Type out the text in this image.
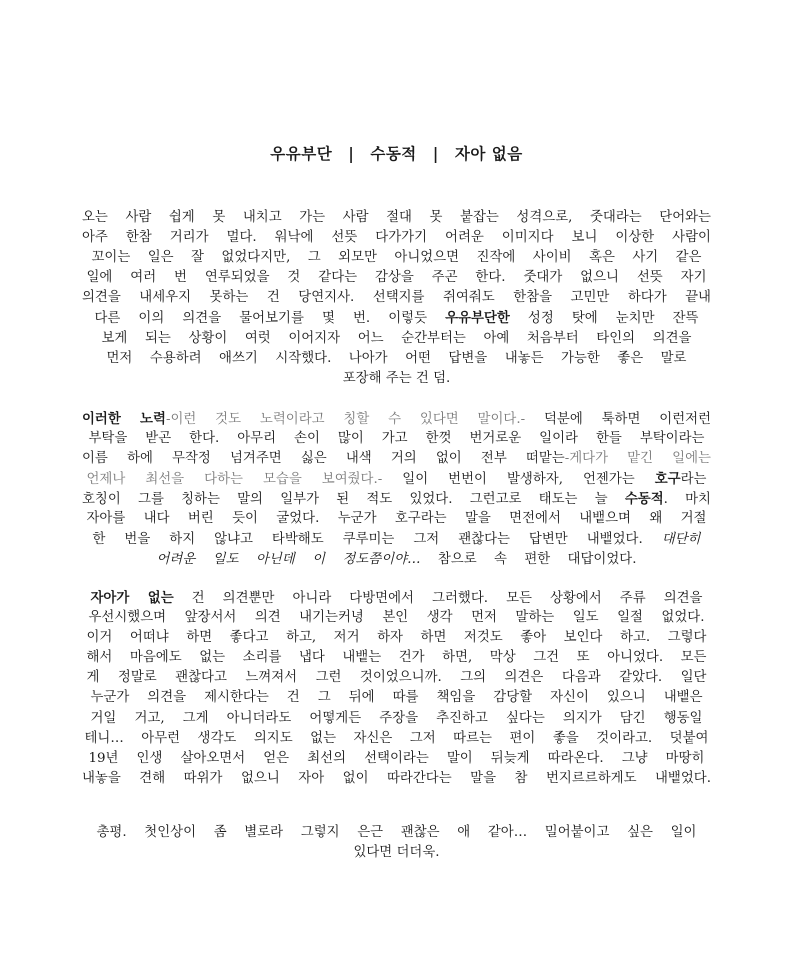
우유부단 | 수동적 | 자아 없음
오는 사람 쉽게 못 내치고 가는 사람 절대 못 붙잡는 성격으로, 줏대라는 단어와는
아주 한참 거리가 멀다. 워낙에 선뜻 다가가기 어려운 이미지다 보니 이상한 사람이
꼬이는 일은 잘 없었다지만, 그 외모만 아니었으면 진작에 사이비 혹은 사기 같은
일에 여러 번 연루되었을 것 같다는 감상을 주곤 한다. 줏대가 없으니 선뜻 자기
의견을 내세우지 못하는 건 당연지사. 선택지를 쥐여줘도 한참을 고민만 하다가 끝내
다른 이의 의견을 물어보기를 몇 번. 이렇듯 우유부단한 성정 탓에 눈치만 잔뜩
보게 되는 상황이 여럿 이어지자 어느 순간부터는 아예 처음부터 타인의 의견을
먼저 수용하려 애쓰기 시작했다. 나아가 어떤 답변을 내놓든 가능한 좋은 말로
포장해 주는 건 덤.
이러한 노력-이런 것도 노력이라고 칭할 수 있다면 말이다.- 덕분에 툭하면 이런저런
부탁을 받곤 한다. 아무리 손이 많이 가고 한껏 번거로운 일이라 한들 부탁이라는
이름 하에 무작정 넘겨주면 싫은 내색 거의 없이 전부 떠맡는-게다가 맡긴 일에는
언제나 최선을 다하는 모습을 보여줬다.- 일이 번번이 발생하자, 언젠가는 호구라는
호칭이 그를 칭하는 말의 일부가 된 적도 있었다. 그런고로 태도는 늘 수동적. 마치
자아를 내다 버린 듯이 굴었다. 누군가 호구라는 말을 면전에서 내뱉으며 왜 거절
한 번을 하지 않냐고 타박해도 쿠루미는 그저 괜찮다는 답변만 내뱉었다. 대단히
어려운 일도 아닌데 이 정도쯤이야… 참으로 속 편한 대답이었다.
자아가 없는 건 의견뿐만 아니라 다방면에서 그러했다. 모든 상황에서 주류 의견을
우선시했으며 앞장서서 의견 내기는커녕 본인 생각 먼저 말하는 일도 일절 없었다.
이거 어떠냐 하면 좋다고 하고, 저거 하자 하면 저것도 좋아 보인다 하고. 그렇다
해서 마음에도 없는 소리를 냅다 내뱉는 건가 하면, 막상 그건 또 아니었다. 모든
게 정말로 괜찮다고 느껴져서 그런 것이었으니까. 그의 의견은 다음과 같았다. 일단
누군가 의견을 제시한다는 건 그 뒤에 따를 책임을 감당할 자신이 있으니 내뱉은
거일 거고, 그게 아니더라도 어떻게든 주장을 추진하고 싶다는 의지가 담긴 행동일
테니… 아무런 생각도 의지도 없는 자신은 그저 따르는 편이 좋을 것이라고. 덧붙여
19년 인생 살아오면서 얻은 최선의 선택이라는 말이 뒤늦게 따라온다. 그냥 마땅히
내놓을 견해 따위가 없으니 자아 없이 따라간다는 말을 참 번지르르하게도 내뱉었다.
총평. 첫인상이 좀 별로라 그렇지 은근 괜찮은 애 같아… 밀어붙이고 싶은 일이
있다면 더더욱.
